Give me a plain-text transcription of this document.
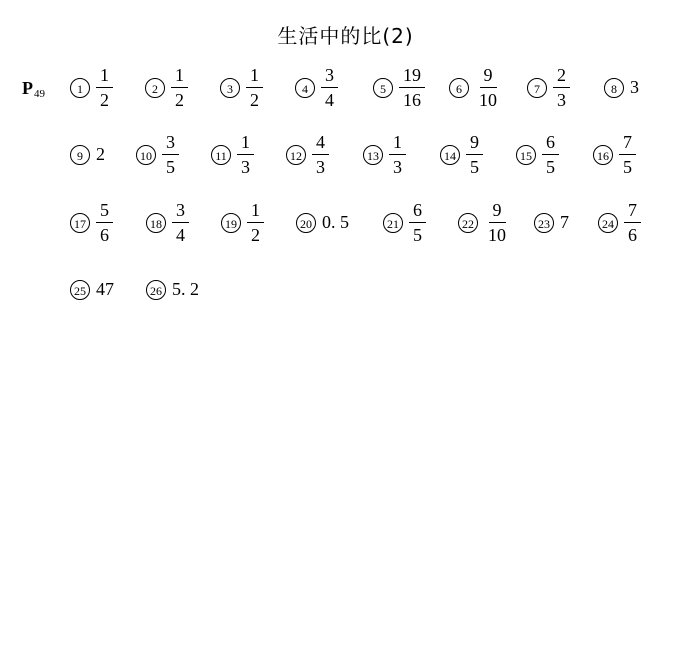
生活中的比(2)
$P_{49}$	$1 \frac{1}{2}$	$2 \frac{1}{2}$	$3 \frac{1}{2}$	$4 \frac{3}{4}$	$5 \frac{19}{16}$	$6 \frac{9}{10}$	$7 \frac{2}{3}$	8 3
9 2	$10 \frac{3}{5}$	$11 \frac{1}{3}$	$12 \frac{4}{3}$	$13 \frac{1}{3}$	$14 \frac{9}{5}$	$15 \frac{6}{5}$	$16 \frac{7}{5}$
$17 \frac{5}{6}$	$18 \frac{3}{4}$	$19 \frac{1}{2}$	20 0. 5	$21 \frac{6}{5}$	$22 \frac{9}{10}$	23 7	$24 \frac{7}{6}$
25 47	26 5. 2
